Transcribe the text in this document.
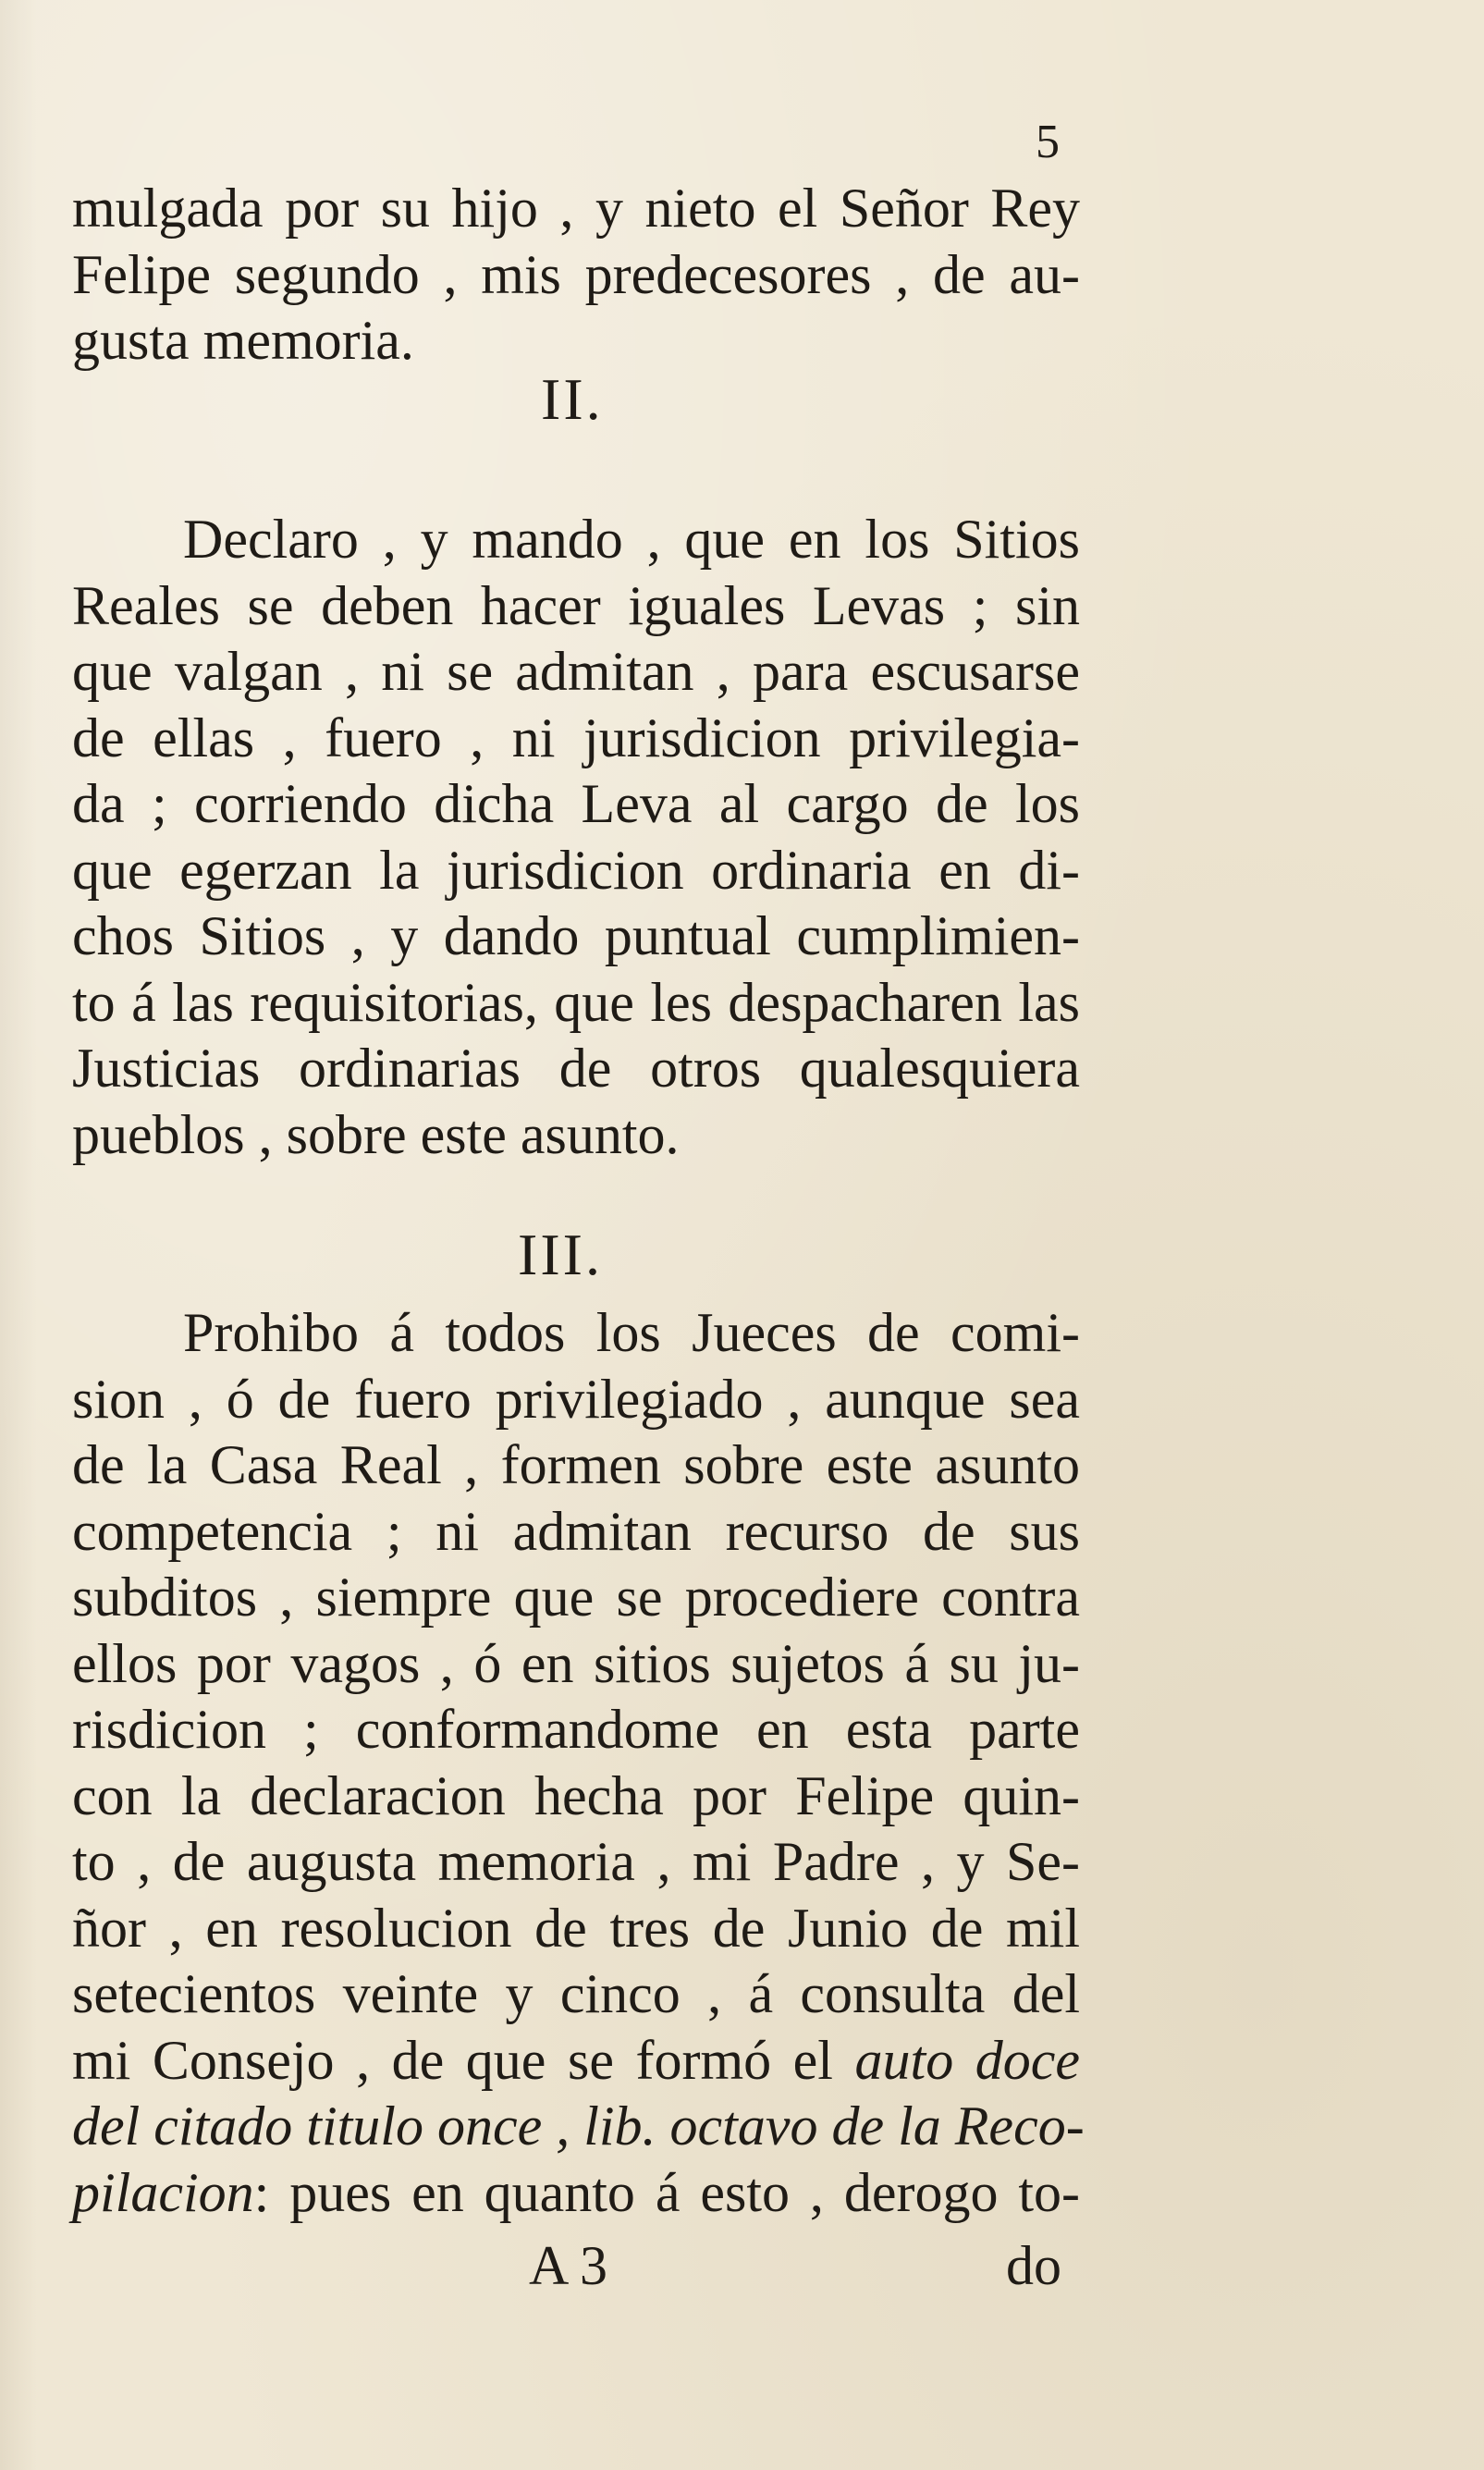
5
mulgada por su hijo , y nieto el Señor Rey
Felipe segundo , mis predecesores , de au-
gusta memoria.
II.
Declaro , y mando , que en los Sitios
Reales se deben hacer iguales Levas ; sin
que valgan , ni se admitan , para escusarse
de ellas , fuero , ni jurisdicion privilegia-
da ; corriendo dicha Leva al cargo de los
que egerzan la jurisdicion ordinaria en di-
chos Sitios , y dando puntual cumplimien-
to á las requisitorias, que les despacharen las
Justicias ordinarias de otros qualesquiera
pueblos , sobre este asunto.
III.
Prohibo á todos los Jueces de comi-
sion , ó de fuero privilegiado , aunque sea
de la Casa Real , formen sobre este asunto
competencia ; ni admitan recurso de sus
subditos , siempre que se procediere contra
ellos por vagos , ó en sitios sujetos á su ju-
risdicion ; conformandome en esta parte
con la declaracion hecha por Felipe quin-
to , de augusta memoria , mi Padre , y Se-
ñor , en resolucion de tres de Junio de mil
setecientos veinte y cinco , á consulta del
mi Consejo , de que se formó el auto doce
del citado titulo once , lib. octavo de la Reco-
pilacion: pues en quanto á esto , derogo to-
A 3	do
